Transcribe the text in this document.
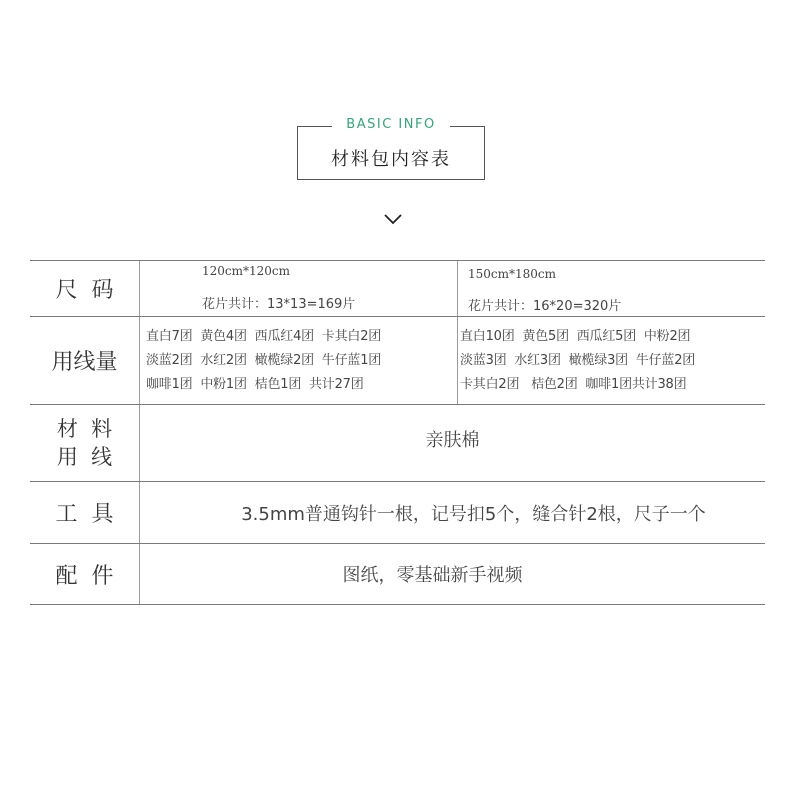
BASIC INFO
材料包内容表
尺  码
120cm*120cm
花片共计：13*13=169片
150cm*180cm
花片共计：16*20=320片
用线量
直白7团  黄色4团  西瓜红4团  卡其白2团
淡蓝2团  水红2团  橄榄绿2团  牛仔蓝1团
咖啡1团  中粉1团  桔色1团  共计27团
直白10团  黄色5团  西瓜红5团  中粉2团
淡蓝3团  水红3团  橄榄绿3团  牛仔蓝2团
卡其白2团   桔色2团  咖啡1团共计38团
材  料
用  线
亲肤棉
工  具	3.5mm普通钩针一根，记号扣5个，缝合针2根，尺子一个
配  件	图纸，零基础新手视频
